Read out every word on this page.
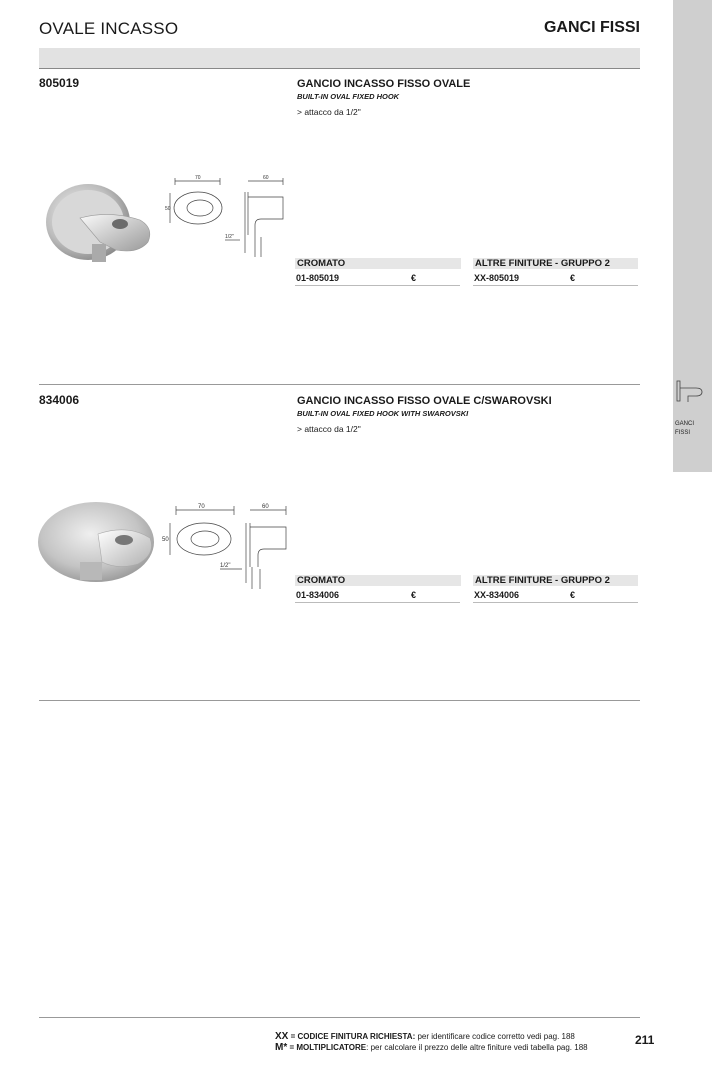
OVALE INCASSO	GANCI FISSI
GANCI
FISSI
805019	GANCIO INCASSO FISSO OVALE
BUILT-IN OVAL FIXED HOOK
> attacco da 1/2"
70
50
60
1/2"
CROMATO	ALTRE FINITURE - GRUPPO 2
01-805019	€	XX-805019	€
834006	GANCIO INCASSO FISSO OVALE C/SWAROVSKI
BUILT-IN OVAL FIXED HOOK WITH SWAROVSKI
> attacco da 1/2"
70
50
60
1/2"
CROMATO	ALTRE FINITURE - GRUPPO 2
01-834006	€	XX-834006	€
XX = CODICE FINITURA RICHIESTA: per identificare codice corretto vedi pag. 188
M* = MOLTIPLICATORE: per calcolare il prezzo delle altre finiture vedi tabella pag. 188
211
